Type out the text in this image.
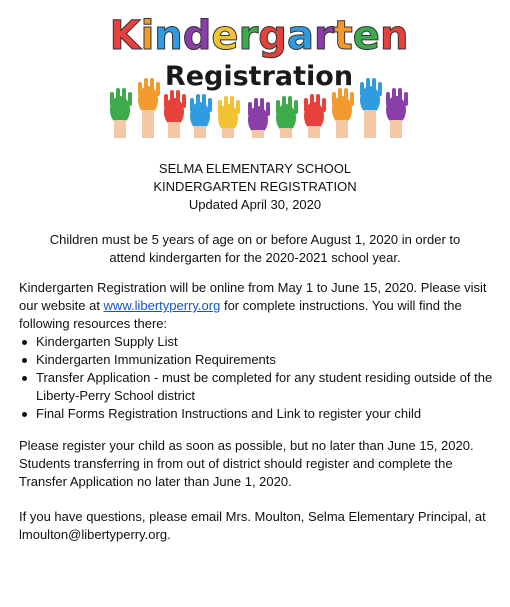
Kindergarten
Registration
SELMA ELEMENTARY SCHOOL
KINDERGARTEN REGISTRATION
Updated April 30, 2020
Children must be 5 years of age on or before August 1, 2020 in order to attend kindergarten for the 2020-2021 school year.
Kindergarten Registration will be online from May 1 to June 15, 2020. Please visit our website at www.libertyperry.org for complete instructions. You will find the following resources there:
Kindergarten Supply List
Kindergarten Immunization Requirements
Transfer Application - must be completed for any student residing outside of the Liberty-Perry School district
Final Forms Registration Instructions and Link to register your child
Please register your child as soon as possible, but no later than June 15, 2020. Students transferring in from out of district should register and complete the Transfer Application no later than June 1, 2020.
If you have questions, please email Mrs. Moulton, Selma Elementary Principal, at lmoulton@libertyperry.org.
